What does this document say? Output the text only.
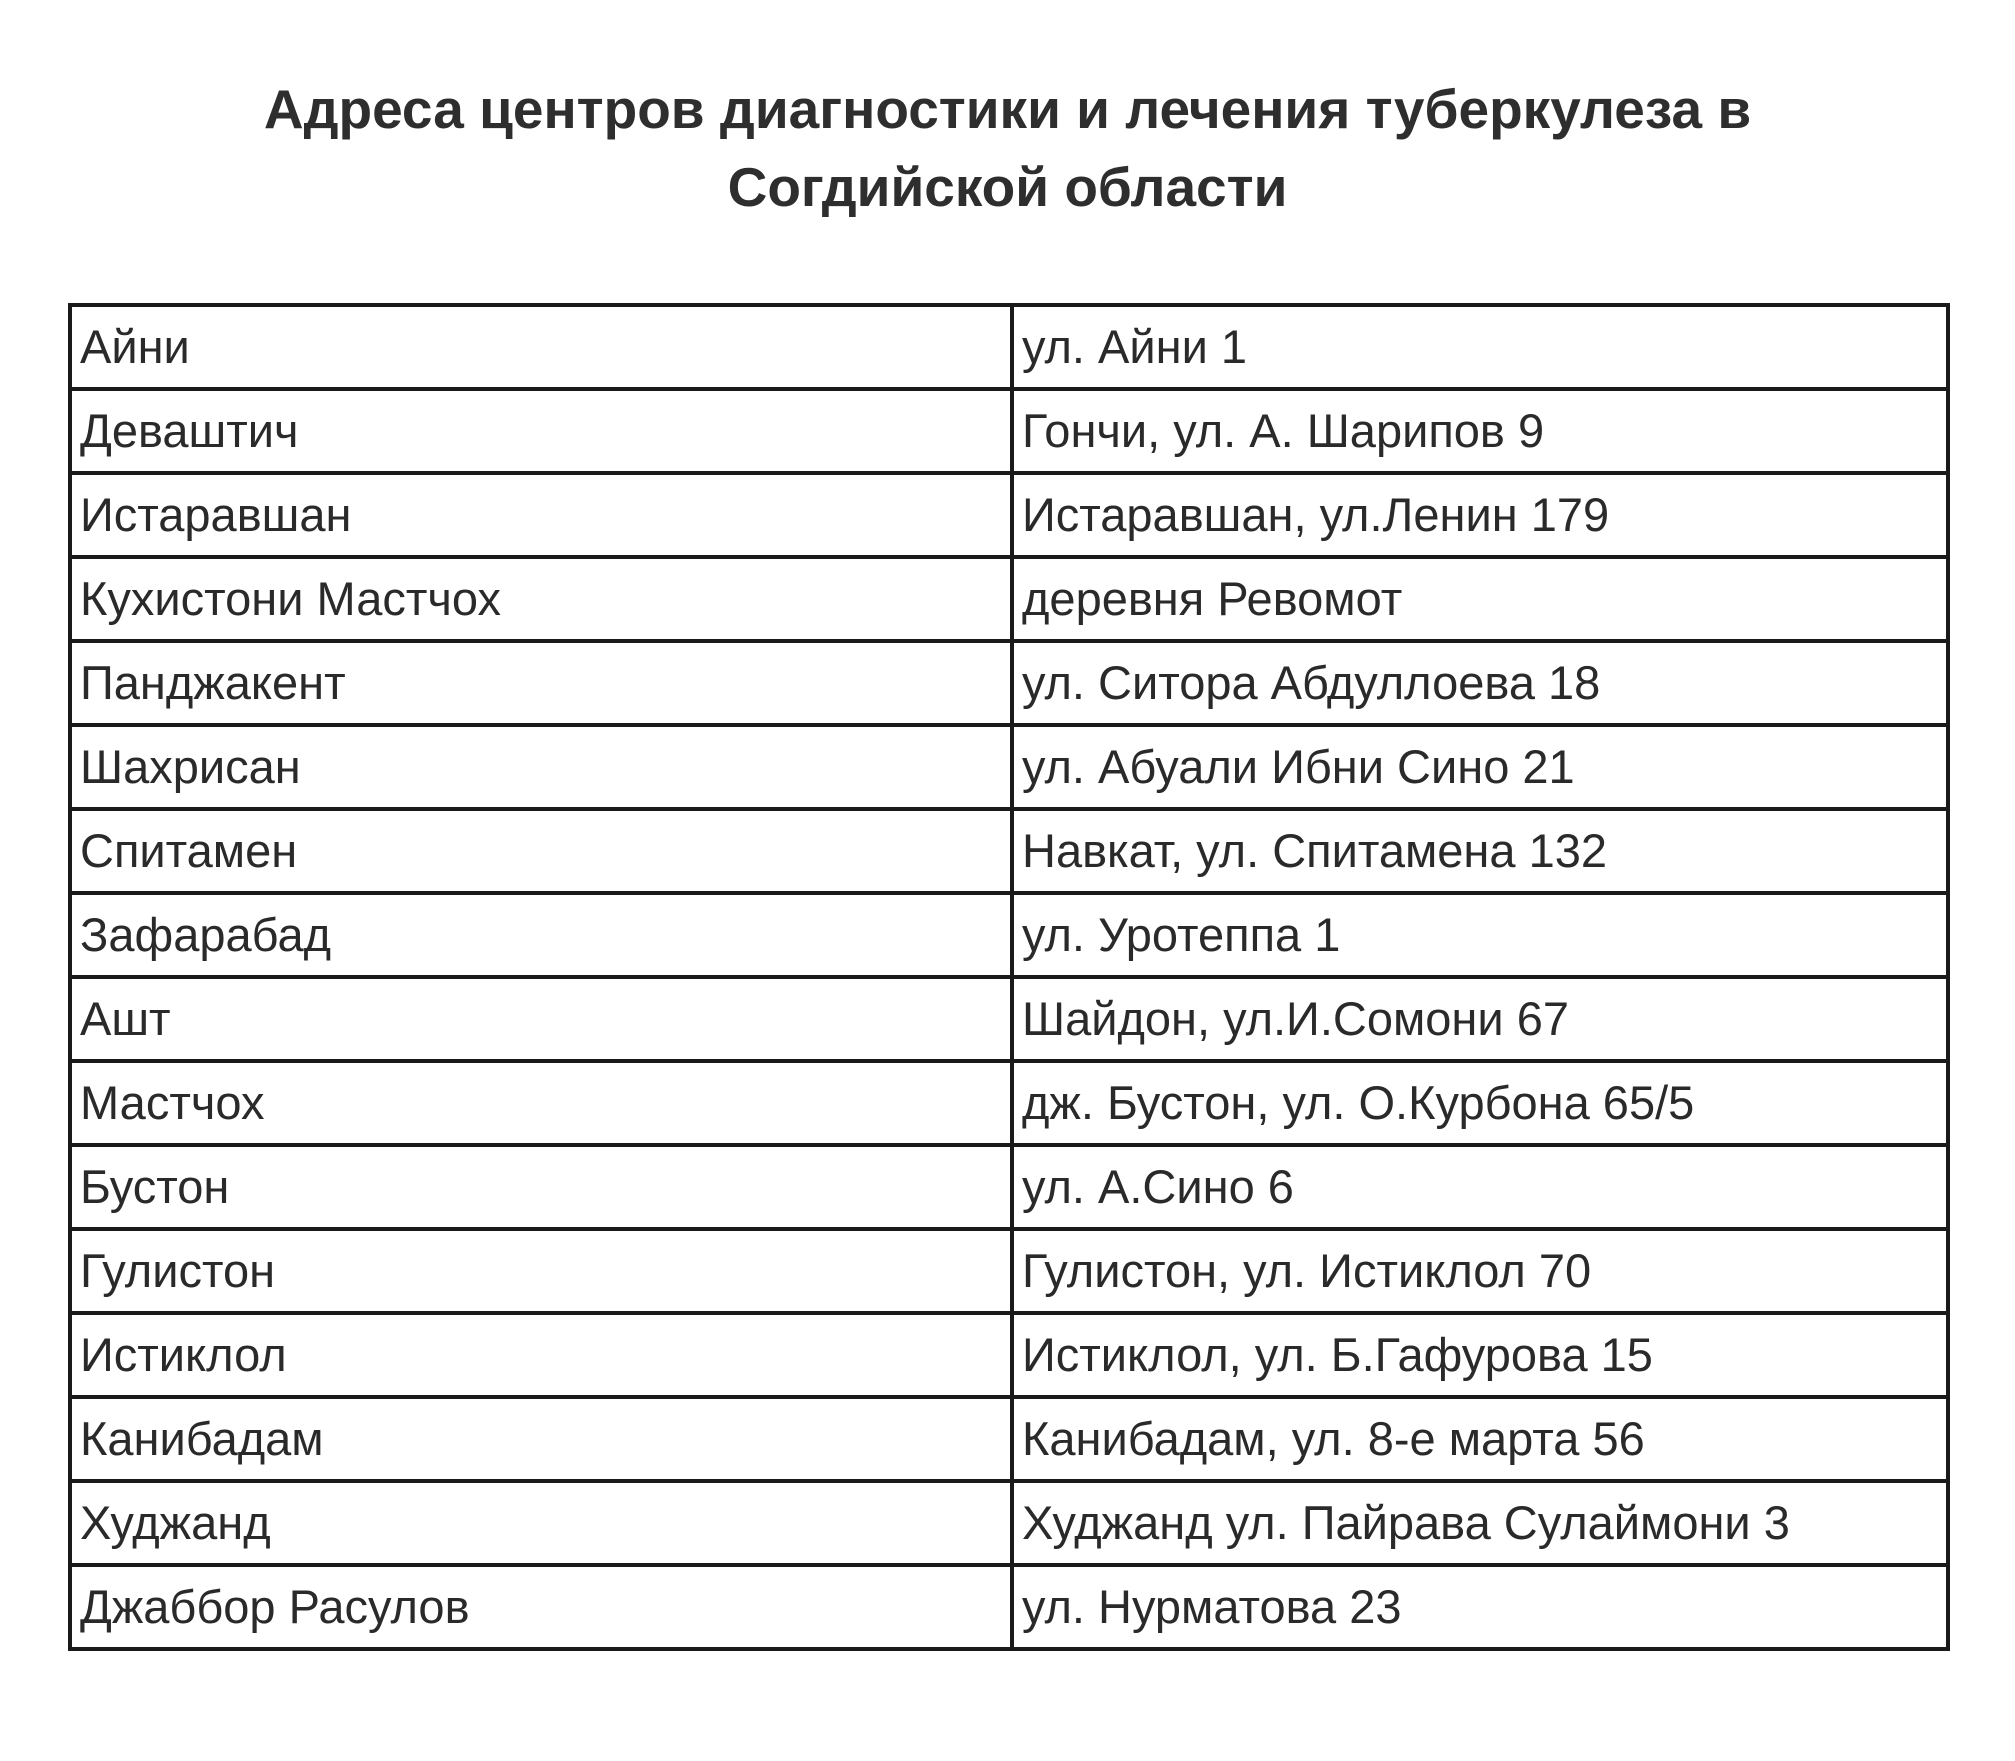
Адреса центров диагностики и лечения туберкулеза в
Согдийской области
Айни	ул. Айни 1
Деваштич	Гончи, ул. А. Шарипов 9
Истаравшан	Истаравшан, ул.Ленин 179
Кухистони Мастчох	деревня Ревомот
Панджакент	ул. Ситора Абдуллоева 18
Шахрисан	ул. Абуали Ибни Сино 21
Спитамен	Навкат, ул. Спитамена 132
Зафарабад	ул. Уротеппа 1
Ашт	Шайдон, ул.И.Сомони 67
Мастчох	дж. Бустон, ул. О.Курбона 65/5
Бустон	ул. А.Сино 6
Гулистон	Гулистон, ул. Истиклол 70
Истиклол	Истиклол, ул. Б.Гафурова 15
Канибадам	Канибадам, ул. 8-е марта 56
Худжанд	Худжанд ул. Пайрава Сулаймони 3
Джаббор Расулов	ул. Нурматова 23
